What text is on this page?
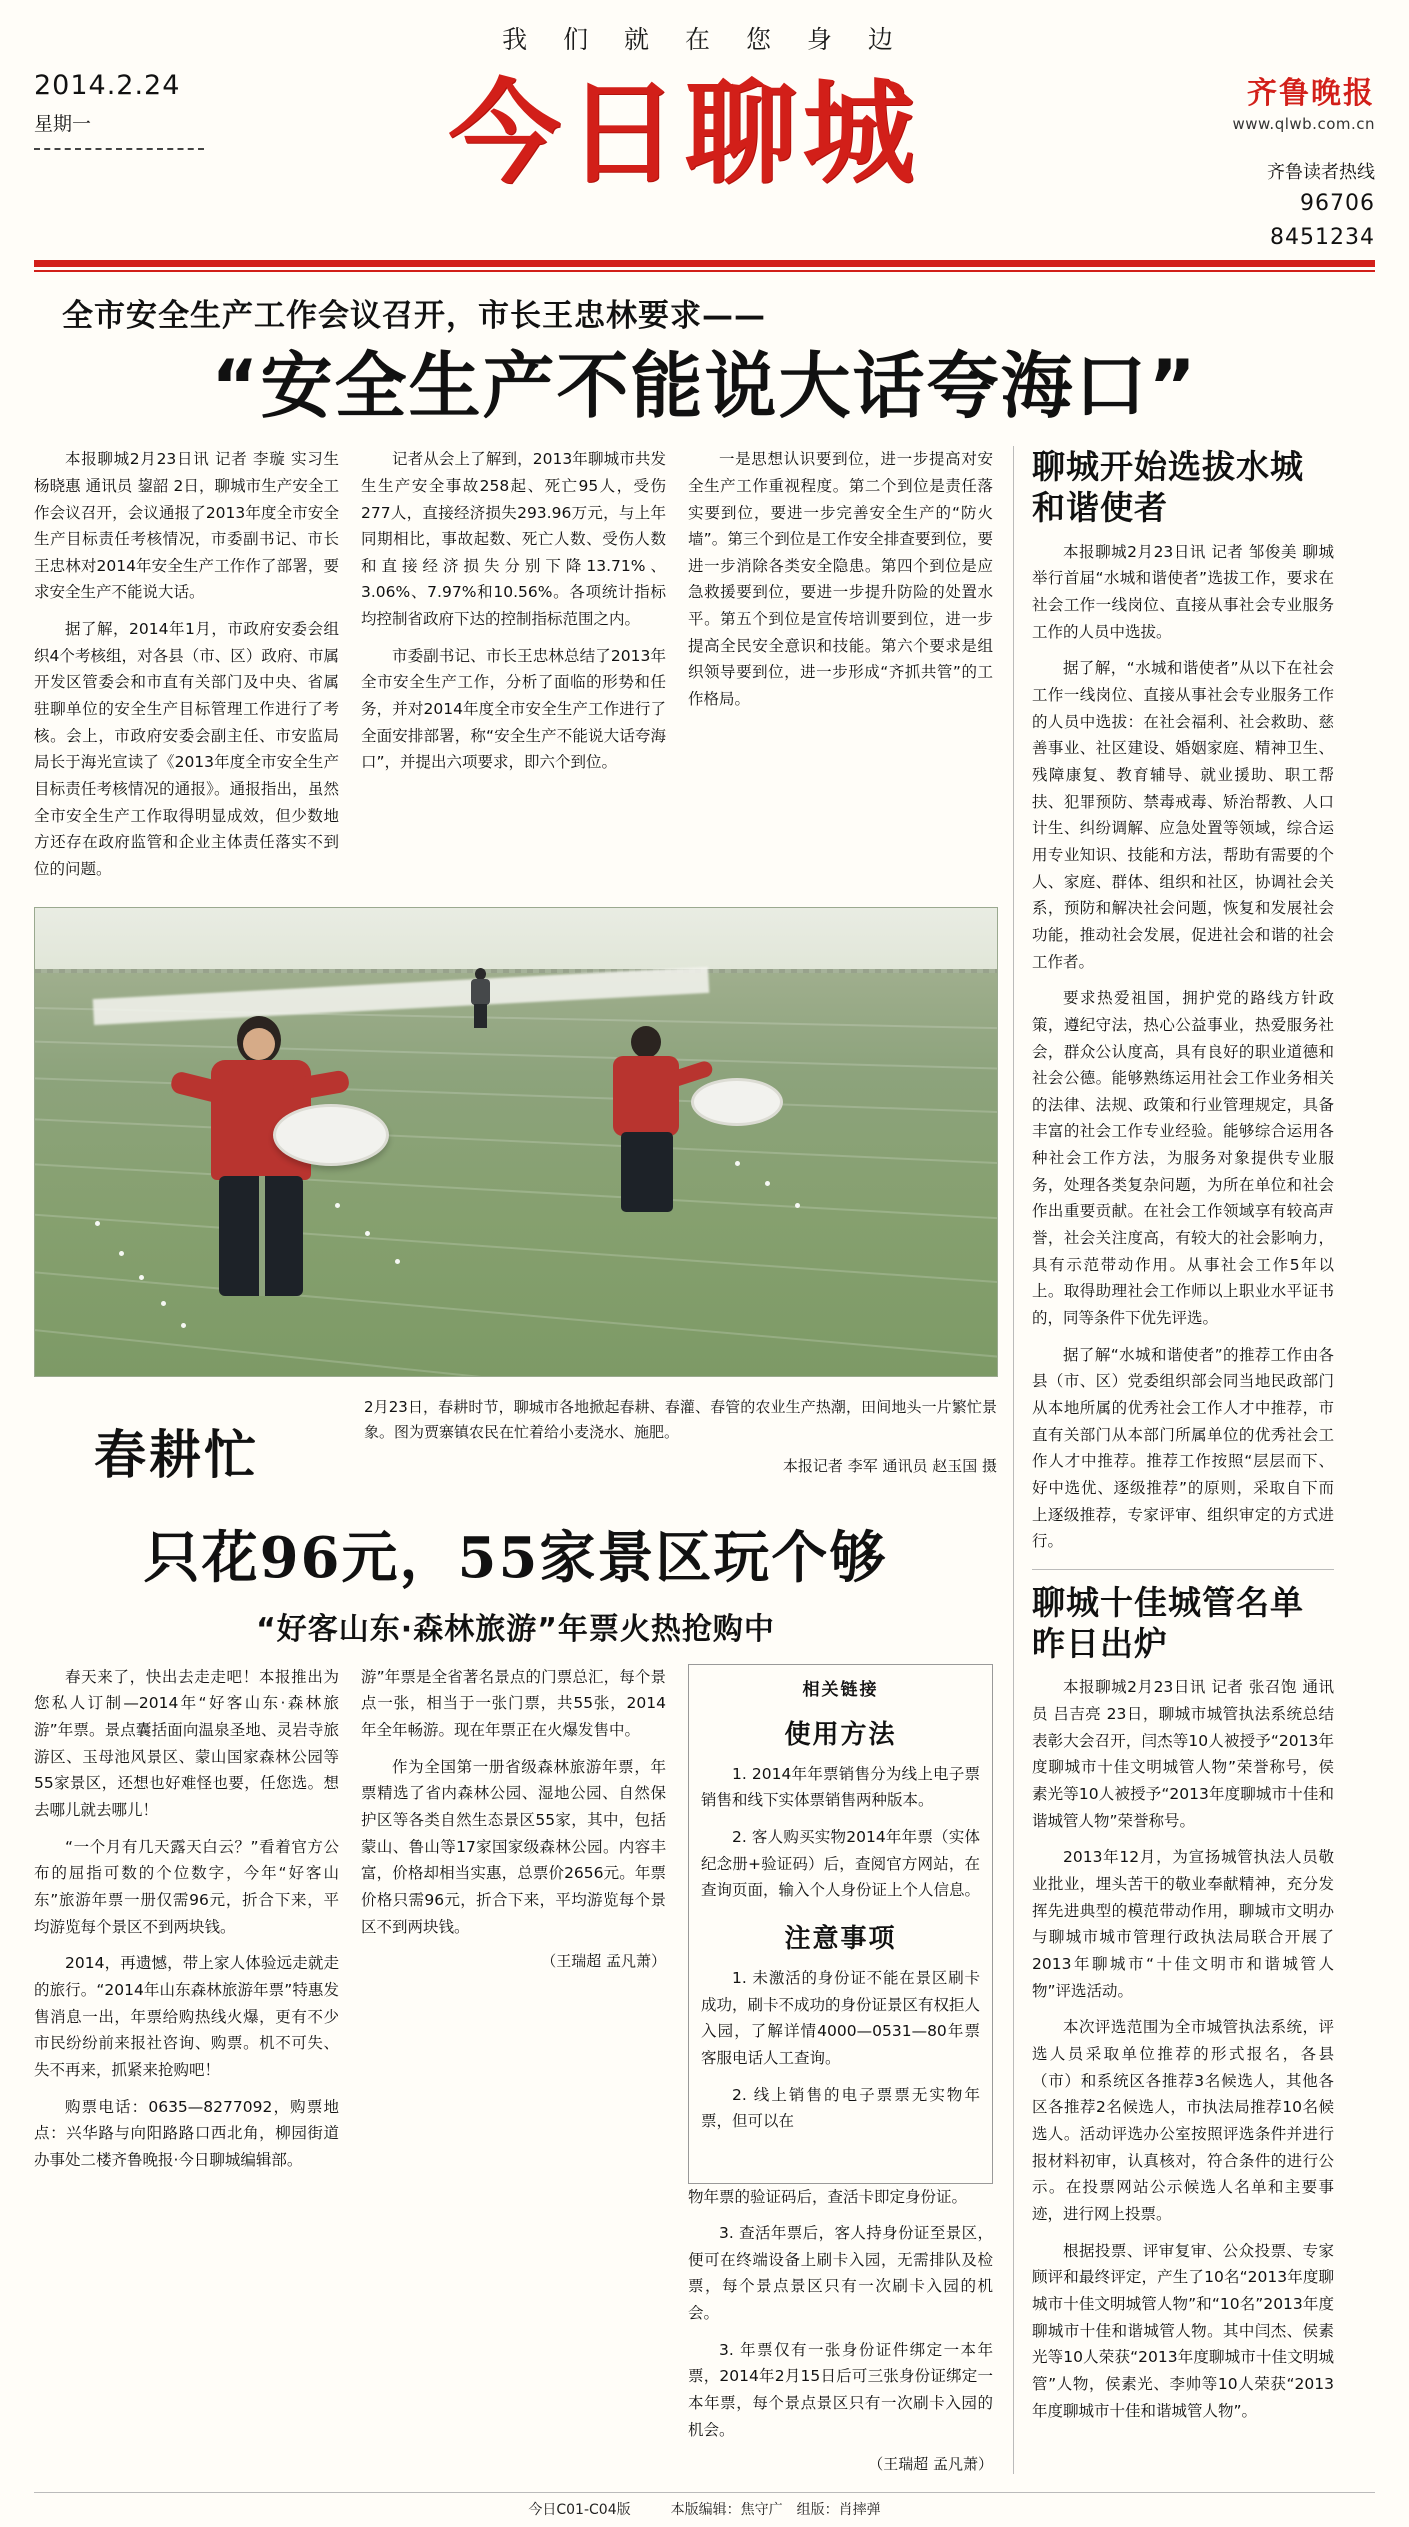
我 们 就 在 您 身 边
2014.2.24
星期一	今日聊城	齐鲁晚报
www.qlwb.com.cn
齐鲁读者热线
96706
8451234
全市安全生产工作会议召开，市长王忠林要求——
“安全生产不能说大话夸海口”

本报聊城2月23日讯 记者 李璇 实习生 杨晓惠 通讯员 鋆韶 2日，聊城市生产安全工作会议召开，会议通报了2013年度全市安全生产目标责任考核情况，市委副书记、市长王忠林对2014年安全生产工作作了部署，要求安全生产不能说大话。

据了解，2014年1月，市政府安委会组织4个考核组，对各县（市、区）政府、市属开发区管委会和市直有关部门及中央、省属驻聊单位的安全生产目标管理工作进行了考核。会上，市政府安委会副主任、市安监局局长于海光宣读了《2013年度全市安全生产目标责任考核情况的通报》。通报指出，虽然全市安全生产工作取得明显成效，但少数地方还存在政府监管和企业主体责任落实不到位的问题。

记者从会上了解到，2013年聊城市共发生生产安全事故258起、死亡95人，受伤277人，直接经济损失293.96万元，与上年同期相比，事故起数、死亡人数、受伤人数和直接经济损失分别下降13.71%、3.06%、7.97%和10.56%。各项统计指标均控制省政府下达的控制指标范围之内。

市委副书记、市长王忠林总结了2013年全市安全生产工作，分析了面临的形势和任务，并对2014年度全市安全生产工作进行了全面安排部署，称“安全生产不能说大话夸海口”，并提出六项要求，即六个到位。

一是思想认识要到位，进一步提高对安全生产工作重视程度。第二个到位是责任落实要到位，要进一步完善安全生产的“防火墙”。第三个到位是工作安全排查要到位，要进一步消除各类安全隐患。第四个到位是应急救援要到位，要进一步提升防险的处置水平。第五个到位是宣传培训要到位，进一步提高全民安全意识和技能。第六个要求是组织领导要到位，进一步形成“齐抓共管”的工作格局。

春耕忙
2月23日，春耕时节，聊城市各地掀起春耕、春灌、春管的农业生产热潮，田间地头一片繁忙景象。图为贾寨镇农民在忙着给小麦浇水、施肥。
本报记者 李军 通讯员 赵玉国 摄
只花96元，55家景区玩个够
“好客山东·森林旅游”年票火热抢购中

春天来了，快出去走走吧！本报推出为您私人订制—2014年“好客山东·森林旅游”年票。景点囊括面向温泉圣地、灵岩寺旅游区、玉母池风景区、蒙山国家森林公园等55家景区，还想也好难怪也要，任您选。想去哪儿就去哪儿！

“一个月有几天露天白云？”看着官方公布的屈指可数的个位数字，今年“好客山东”旅游年票一册仅需96元，折合下来，平均游览每个景区不到两块钱。

2014，再遗憾，带上家人体验远走就走的旅行。“2014年山东森林旅游年票”特惠发售消息一出，年票给购热线火爆，更有不少市民纷纷前来报社咨询、购票。机不可失、失不再来，抓紧来抢购吧！

购票电话：0635—8277092，购票地点：兴华路与向阳路路口西北角，柳园街道办事处二楼齐鲁晚报·今日聊城编辑部。

游”年票是全省著名景点的门票总汇，每个景点一张，相当于一张门票，共55张，2014年全年畅游。现在年票正在火爆发售中。

作为全国第一册省级森林旅游年票，年票精选了省内森林公园、湿地公园、自然保护区等各类自然生态景区55家，其中，包括蒙山、鲁山等17家国家级森林公园。内容丰富，价格却相当实惠，总票价2656元。年票价格只需96元，折合下来，平均游览每个景区不到两块钱。

（王瑞超 孟凡萧）
相关链接
使用方法

1. 2014年年票销售分为线上电子票销售和线下实体票销售两种版本。

2. 客人购买实物2014年年票（实体纪念册+验证码）后，查阅官方网站，在查询页面，输入个人身份证上个人信息。

注意事项

1. 未激活的身份证不能在景区刷卡成功，刷卡不成功的身份证景区有权拒人入园，了解详情4000—0531—80年票客服电话人工查询。

2. 线上销售的电子票票无实物年票，但可以在

物年票的验证码后，查活卡即定身份证。

3. 查活年票后，客人持身份证至景区，便可在终端设备上刷卡入园，无需排队及检票，每个景点景区只有一次刷卡入园的机会。

3. 年票仅有一张身份证件绑定一本年票，2014年2月15日后可三张身份证绑定一本年票，每个景点景区只有一次刷卡入园的机会。

（王瑞超 孟凡萧）
聊城开始选拔水城和谐使者

本报聊城2月23日讯 记者 邹俊美 聊城举行首届“水城和谐使者”选拔工作，要求在社会工作一线岗位、直接从事社会专业服务工作的人员中选拔。

据了解，“水城和谐使者”从以下在社会工作一线岗位、直接从事社会专业服务工作的人员中选拔：在社会福利、社会救助、慈善事业、社区建设、婚姻家庭、精神卫生、残障康复、教育辅导、就业援助、职工帮扶、犯罪预防、禁毒戒毒、矫治帮教、人口计生、纠纷调解、应急处置等领域，综合运用专业知识、技能和方法，帮助有需要的个人、家庭、群体、组织和社区，协调社会关系，预防和解决社会问题，恢复和发展社会功能，推动社会发展，促进社会和谐的社会工作者。

要求热爱祖国，拥护党的路线方针政策，遵纪守法，热心公益事业，热爱服务社会，群众公认度高，具有良好的职业道德和社会公德。能够熟练运用社会工作业务相关的法律、法规、政策和行业管理规定，具备丰富的社会工作专业经验。能够综合运用各种社会工作方法，为服务对象提供专业服务，处理各类复杂问题，为所在单位和社会作出重要贡献。在社会工作领域享有较高声誉，社会关注度高，有较大的社会影响力，具有示范带动作用。从事社会工作5年以上。取得助理社会工作师以上职业水平证书的，同等条件下优先评选。

据了解“水城和谐使者”的推荐工作由各县（市、区）党委组织部会同当地民政部门从本地所属的优秀社会工作人才中推荐，市直有关部门从本部门所属单位的优秀社会工作人才中推荐。推荐工作按照“层层而下、好中选优、逐级推荐”的原则，采取自下而上逐级推荐，专家评审、组织审定的方式进行。

聊城十佳城管名单昨日出炉

本报聊城2月23日讯 记者 张召饱 通讯员 吕吉亮 23日，聊城市城管执法系统总结表彰大会召开，闫杰等10人被授予“2013年度聊城市十佳文明城管人物”荣誉称号，侯素光等10人被授予“2013年度聊城市十佳和谐城管人物”荣誉称号。

2013年12月，为宣扬城管执法人员敬业批业，埋头苦干的敬业奉献精神，充分发挥先进典型的模范带动作用，聊城市文明办与聊城市城市管理行政执法局联合开展了2013年聊城市“十佳文明市和谐城管人物”评选活动。

本次评选范围为全市城管执法系统，评选人员采取单位推荐的形式报名，各县（市）和系统区各推荐3名候选人，其他各区各推荐2名候选人，市执法局推荐10名候选人。活动评选办公室按照评选条件并进行报材料初审，认真核对，符合条件的进行公示。在投票网站公示候选人名单和主要事迹，进行网上投票。

根据投票、评审复审、公众投票、专家顾评和最终评定，产生了10名“2013年度聊城市十佳文明城管人物”和“10名”2013年度聊城市十佳和谐城管人物。其中闫杰、侯素光等10人荣获“2013年度聊城市十佳文明城管”人物，侯素光、李帅等10人荣获“2013年度聊城市十佳和谐城管人物”。

今日C01-C04版	本版编辑：焦守广　组版：肖摔弹
